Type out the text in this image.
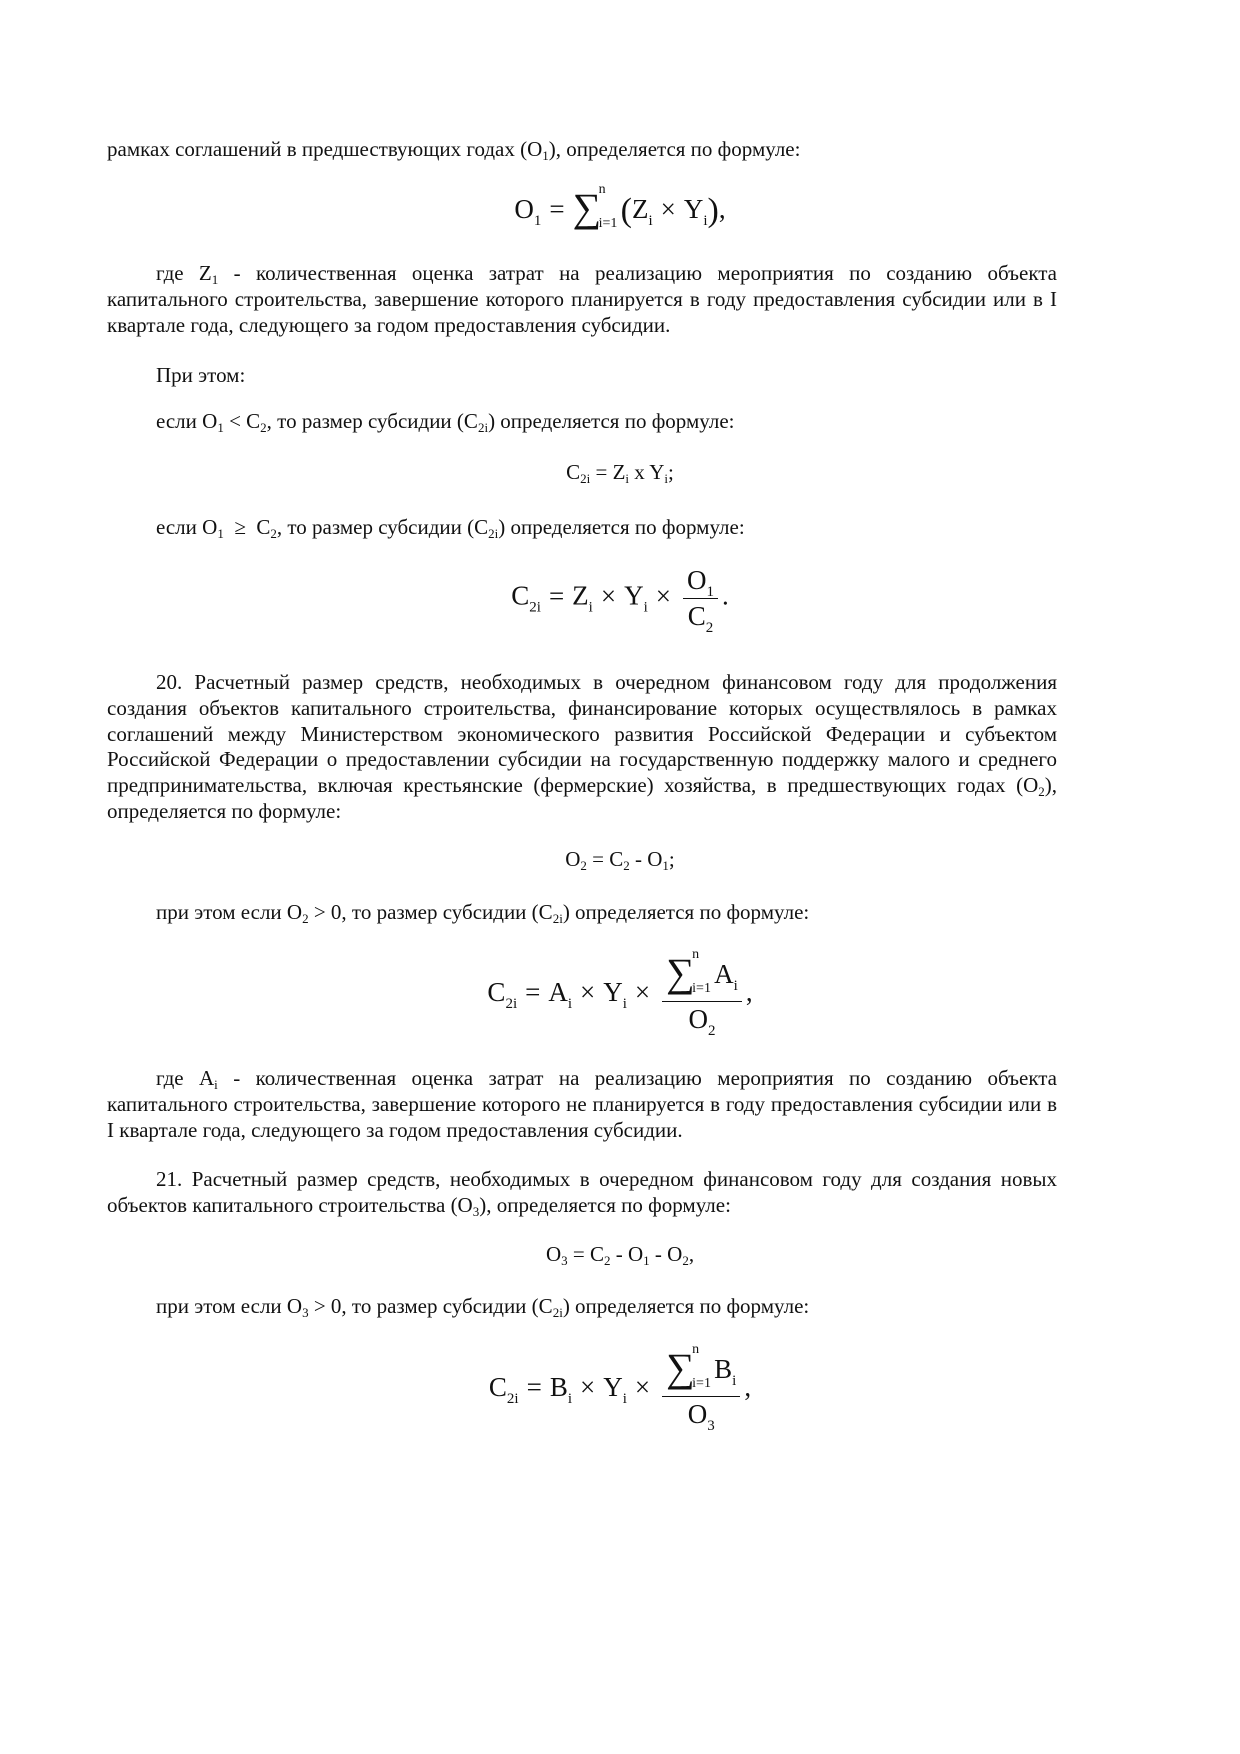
рамках соглашений в предшествующих годах $(O_1)$, определяется по формуле:
$O_1$ = ∑
n
i=1 $(Z_i \times Y_i)$,
где $Z_1$ - количественная оценка затрат на реализацию мероприятия по созданию объекта капитального строительства, завершение которого планируется в году предоставления субсидии или в I квартале года, следующего за годом предоставления субсидии.
При этом:
если $O_1 < C_2$, то размер субсидии $(C_{2i})$ определяется по формуле:
$C_{2i} = Z_i$ x $Y_i$;
если $O_1 \ge C_2$, то размер субсидии $(C_{2i})$ определяется по формуле:
$C_{2i} = Z_i \times Y_i \times \frac{O_1}{C_2}$ .
20. Расчетный размер средств, необходимых в очередном финансовом году для продолжения создания объектов капитального строительства, финансирование которых осуществлялось в рамках соглашений между Министерством экономического развития Российской Федерации и субъектом Российской Федерации о предоставлении субсидии на государственную поддержку малого и среднего предпринимательства, включая крестьянские (фермерские) хозяйства, в предшествующих годах $(O_2)$, определяется по формуле:
$O_2 = C_2 - O_1$;
при этом если $O_2 > 0$, то размер субсидии $(C_{2i})$ определяется по формуле:
$C_{2i} = A_i \times Y_i$ × ∑
n
i=1 $A_i$
$O_2$ ,
где $A_i$ - количественная оценка затрат на реализацию мероприятия по созданию объекта капитального строительства, завершение которого не планируется в году предоставления субсидии или в I квартале года, следующего за годом предоставления субсидии.
21. Расчетный размер средств, необходимых в очередном финансовом году для создания новых объектов капитального строительства $(O_3)$, определяется по формуле:
$O_3 = C_2 - O_1 - O_2$,
при этом если $O_3 > 0$, то размер субсидии $(C_{2i})$ определяется по формуле:
$C_{2i} = B_i \times Y_i$ × ∑
n
i=1 $B_i$
$O_3$ ,
